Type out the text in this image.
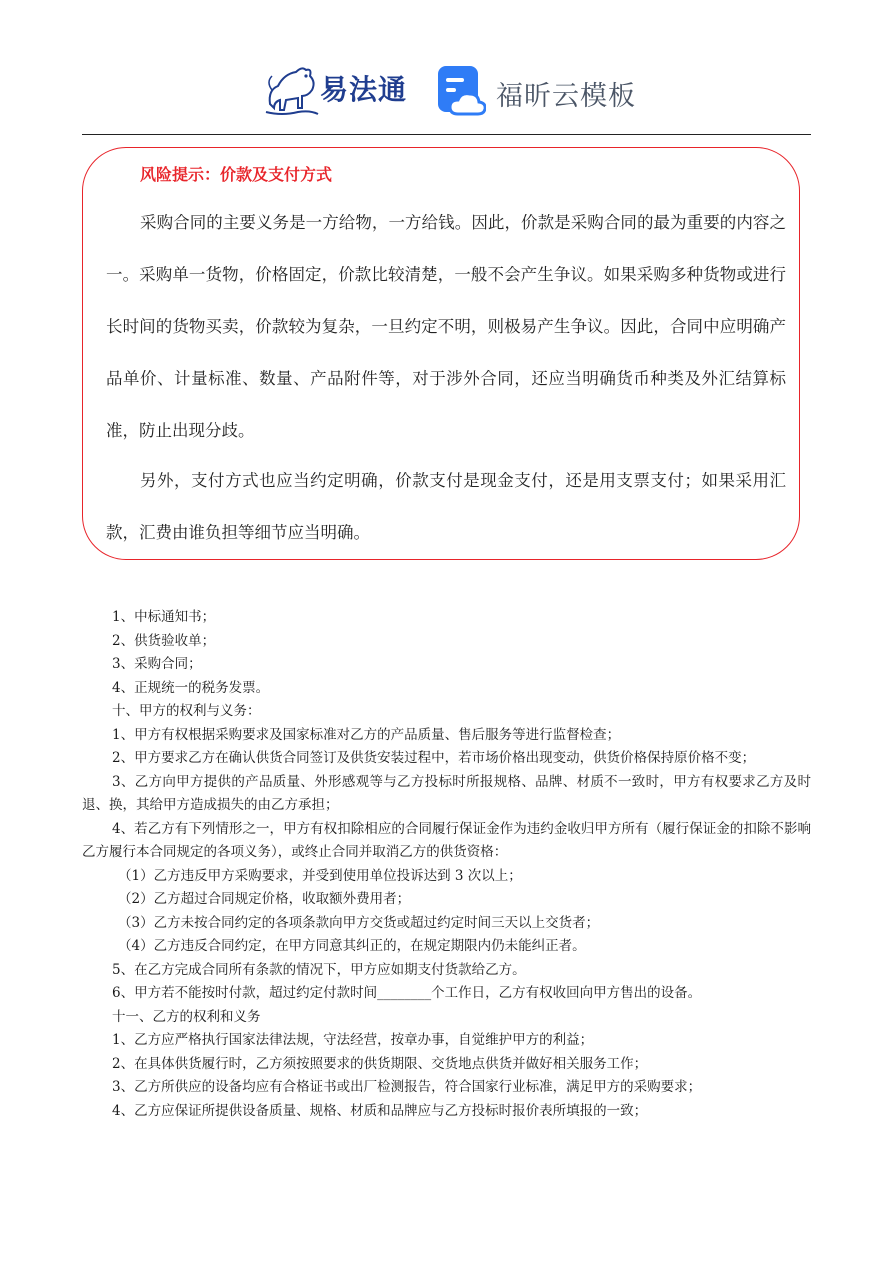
易法通	福昕云模板
风险提示：价款及支付方式

采购合同的主要义务是一方给物，一方给钱。因此，价款是采购合同的最为重要的内容之一。采购单一货物，价格固定，价款比较清楚，一般不会产生争议。如果采购多种货物或进行长时间的货物买卖，价款较为复杂，一旦约定不明，则极易产生争议。因此，合同中应明确产品单价、计量标准、数量、产品附件等，对于涉外合同，还应当明确货币种类及外汇结算标准，防止出现分歧。

另外，支付方式也应当约定明确，价款支付是现金支付，还是用支票支付；如果采用汇款，汇费由谁负担等细节应当明确。

1、中标通知书；

2、供货验收单；

3、采购合同；

4、正规统一的税务发票。

十、甲方的权利与义务：

1、甲方有权根据采购要求及国家标准对乙方的产品质量、售后服务等进行监督检查；

2、甲方要求乙方在确认供货合同签订及供货安装过程中，若市场价格出现变动，供货价格保持原价格不变；

3、乙方向甲方提供的产品质量、外形感观等与乙方投标时所报规格、品牌、材质不一致时，甲方有权要求乙方及时退、换，其给甲方造成损失的由乙方承担；

4、若乙方有下列情形之一，甲方有权扣除相应的合同履行保证金作为违约金收归甲方所有（履行保证金的扣除不影响乙方履行本合同规定的各项义务），或终止合同并取消乙方的供货资格：

（1）乙方违反甲方采购要求，并受到使用单位投诉达到 3 次以上；

（2）乙方超过合同规定价格，收取额外费用者；

（3）乙方未按合同约定的各项条款向甲方交货或超过约定时间三天以上交货者；

（4）乙方违反合同约定，在甲方同意其纠正的，在规定期限内仍未能纠正者。

5、在乙方完成合同所有条款的情况下，甲方应如期支付货款给乙方。

6、甲方若不能按时付款，超过约定付款时间________个工作日，乙方有权收回向甲方售出的设备。

十一、乙方的权利和义务

1、乙方应严格执行国家法律法规，守法经营，按章办事，自觉维护甲方的利益；

2、在具体供货履行时，乙方须按照要求的供货期限、交货地点供货并做好相关服务工作；

3、乙方所供应的设备均应有合格证书或出厂检测报告，符合国家行业标准，满足甲方的采购要求；

4、乙方应保证所提供设备质量、规格、材质和品牌应与乙方投标时报价表所填报的一致；
